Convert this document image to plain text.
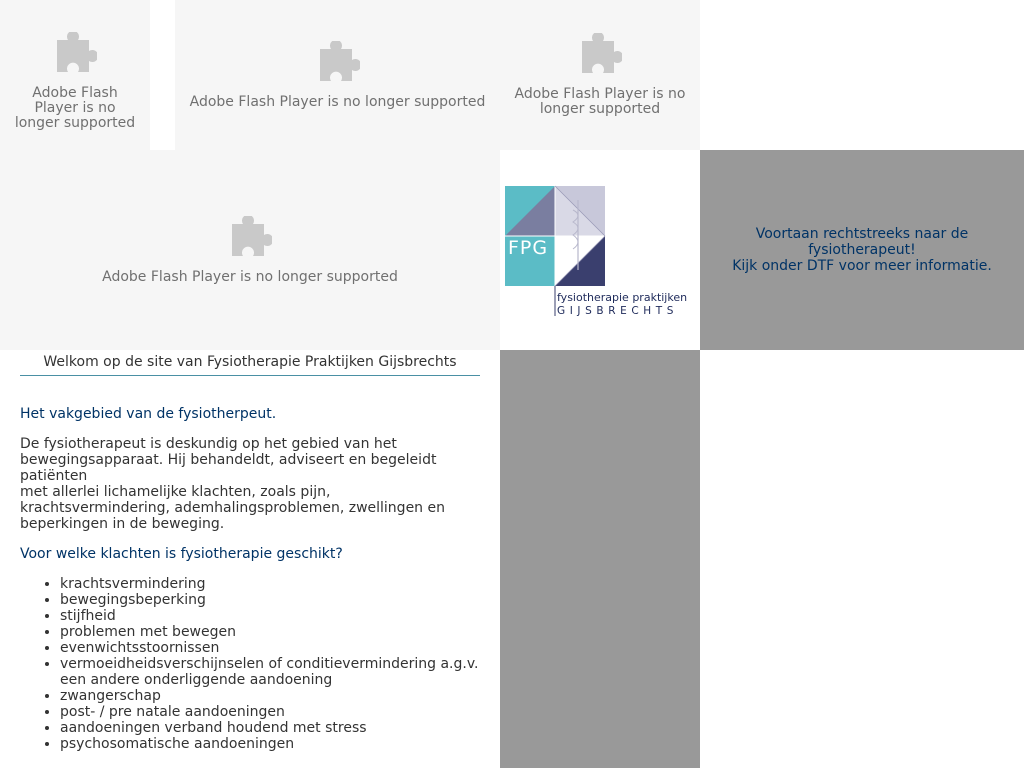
Adobe Flash Player is no longer supported
Adobe Flash Player is no longer supported Adobe Flash Player is no longer supported
Adobe Flash Player is no longer supported
FPG
fysiotherapie praktijken
GIJSBRECHTS
Voortaan rechtstreeks naar de
fysiotherapeut!
Kijk onder DTF voor meer informatie.
Welkom op de site van Fysiotherapie Praktijken Gijsbrechts

Het vakgebied van de fysiotherpeut.

De fysiotherapeut is deskundig op het gebied van het bewegingsapparaat. Hij behandeldt, adviseert en begeleidt patiënten

met allerlei lichamelijke klachten, zoals pijn, krachtsvermindering, ademhalingsproblemen, zwellingen en beperkingen in de beweging.

Voor welke klachten is fysiotherapie geschikt?

• krachtsvermindering
• bewegingsbeperking
• stijfheid
• problemen met bewegen
• evenwichtsstoornissen
• vermoeidheidsverschijnselen of conditievermindering a.g.v. een andere onderliggende aandoening
• zwangerschap
• post- / pre natale aandoeningen
• aandoeningen verband houdend met stress
• psychosomatische aandoeningen
